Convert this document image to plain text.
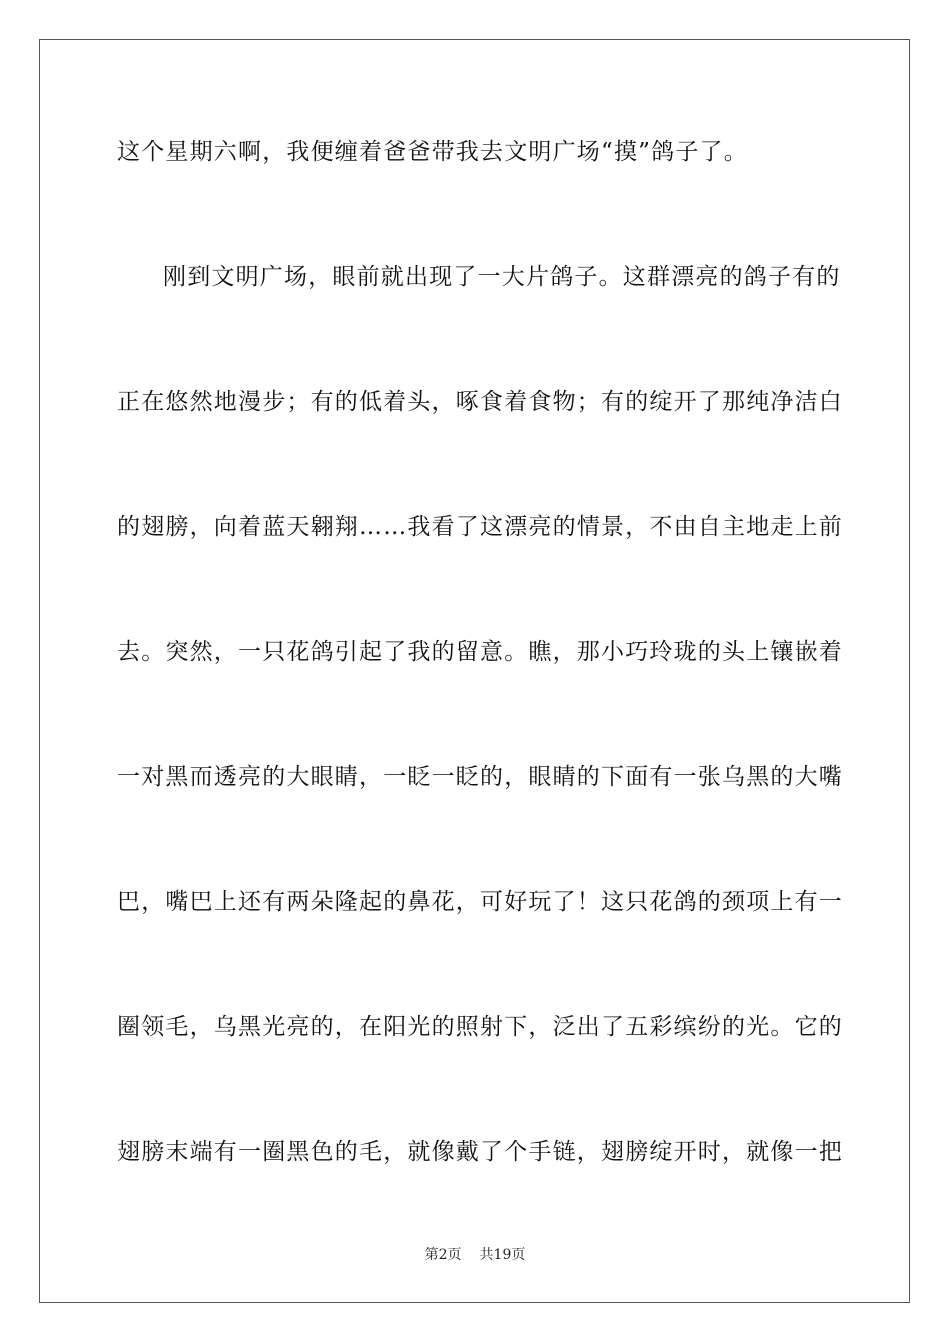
这个星期六啊，我便缠着爸爸带我去文明广场“摸”鸽子了。
刚到文明广场，眼前就出现了一大片鸽子。这群漂亮的鸽子有的
正在悠然地漫步；有的低着头，啄食着食物；有的绽开了那纯净洁白
的翅膀，向着蓝天翱翔……我看了这漂亮的情景，不由自主地走上前
去。突然，一只花鸽引起了我的留意。瞧，那小巧玲珑的头上镶嵌着
一对黑而透亮的大眼睛，一眨一眨的，眼睛的下面有一张乌黑的大嘴
巴，嘴巴上还有两朵隆起的鼻花，可好玩了！这只花鸽的颈项上有一
圈领毛，乌黑光亮的，在阳光的照射下，泛出了五彩缤纷的光。它的
翅膀末端有一圈黑色的毛，就像戴了个手链，翅膀绽开时，就像一把
第2页 共19页
